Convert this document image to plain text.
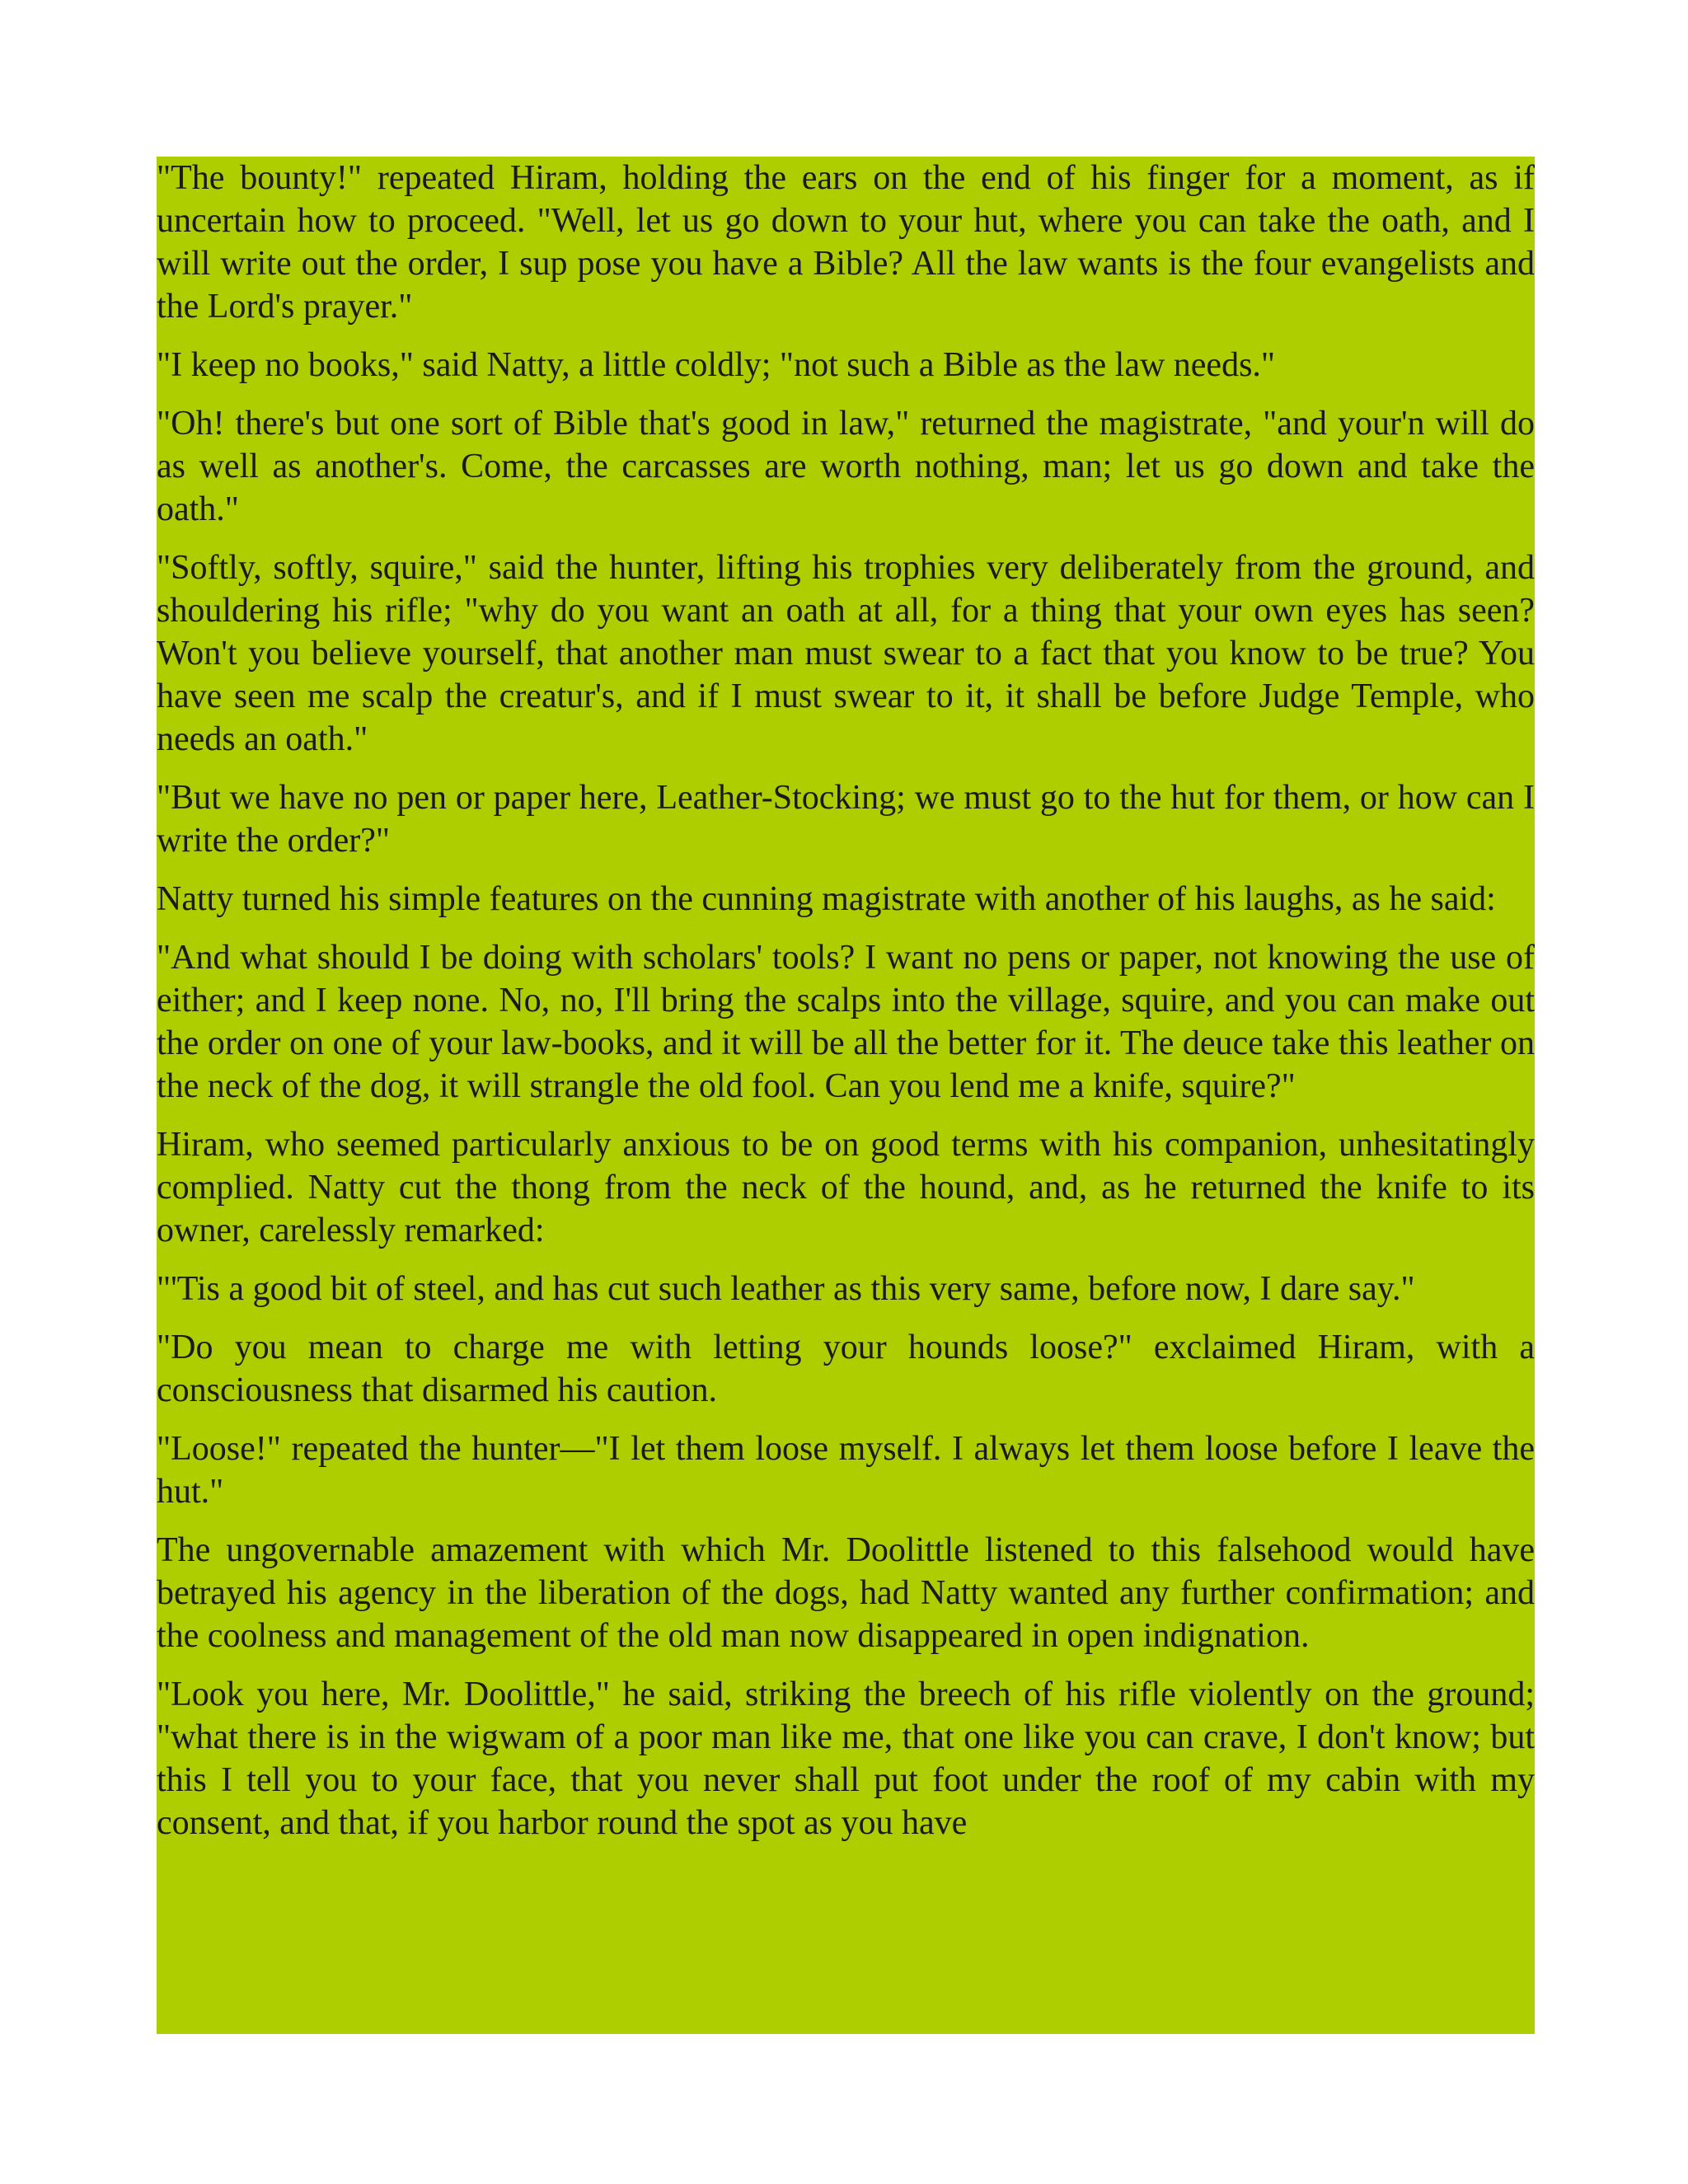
"The bounty!" repeated Hiram, holding the ears on the end of his finger for a moment, as if uncertain how to proceed. "Well, let us go down to your hut, where you can take the oath, and I will write out the order, I sup pose you have a Bible? All the law wants is the four evangelists and the Lord's prayer."

"I keep no books," said Natty, a little coldly; "not such a Bible as the law needs."

"Oh! there's but one sort of Bible that's good in law," returned the magistrate, "and your'n will do as well as another's. Come, the carcasses are worth nothing, man; let us go down and take the oath."

"Softly, softly, squire," said the hunter, lifting his trophies very deliberately from the ground, and shouldering his rifle; "why do you want an oath at all, for a thing that your own eyes has seen? Won't you believe yourself, that another man must swear to a fact that you know to be true? You have seen me scalp the creatur's, and if I must swear to it, it shall be before Judge Temple, who needs an oath."

"But we have no pen or paper here, Leather-Stocking; we must go to the hut for them, or how can I write the order?"

Natty turned his simple features on the cunning magistrate with another of his laughs, as he said:

"And what should I be doing with scholars' tools? I want no pens or paper, not knowing the use of either; and I keep none. No, no, I'll bring the scalps into the village, squire, and you can make out the order on one of your law-books, and it will be all the better for it. The deuce take this leather on the neck of the dog, it will strangle the old fool. Can you lend me a knife, squire?"

Hiram, who seemed particularly anxious to be on good terms with his companion, unhesitatingly complied. Natty cut the thong from the neck of the hound, and, as he returned the knife to its owner, carelessly remarked:

"'Tis a good bit of steel, and has cut such leather as this very same, before now, I dare say."

"Do you mean to charge me with letting your hounds loose?" exclaimed Hiram, with a consciousness that disarmed his caution.

"Loose!" repeated the hunter—"I let them loose myself. I always let them loose before I leave the hut."

The ungovernable amazement with which Mr. Doolittle listened to this falsehood would have betrayed his agency in the liberation of the dogs, had Natty wanted any further confirmation; and the coolness and management of the old man now disappeared in open indignation.

"Look you here, Mr. Doolittle," he said, striking the breech of his rifle violently on the ground; "what there is in the wigwam of a poor man like me, that one like you can crave, I don't know; but this I tell you to your face, that you never shall put foot under the roof of my cabin with my consent, and that, if you harbor round the spot as you have
